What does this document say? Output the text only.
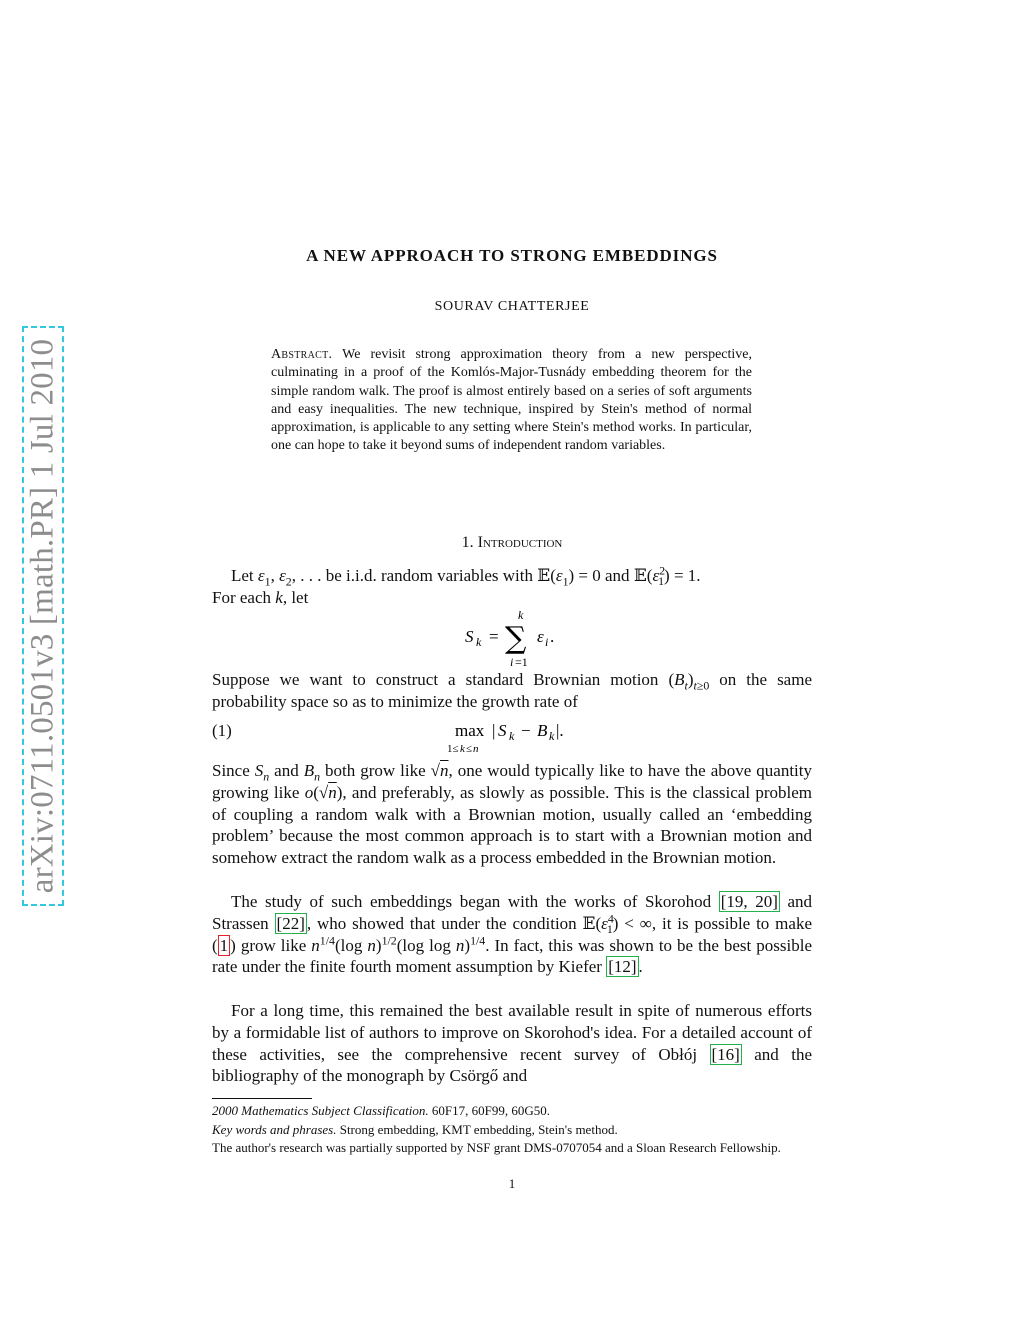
arXiv:0711.0501v3 [math.PR] 1 Jul 2010
A NEW APPROACH TO STRONG EMBEDDINGS
SOURAV CHATTERJEE
Abstract. We revisit strong approximation theory from a new perspective, culminating in a proof of the Komlós-Major-Tusnády embedding theorem for the simple random walk. The proof is almost entirely based on a series of soft arguments and easy inequalities. The new technique, inspired by Stein's method of normal approximation, is applicable to any setting where Stein's method works. In particular, one can hope to take it beyond sums of independent random variables.
1. Introduction
Let $\varepsilon_1$, $\varepsilon_2$, . . . be i.i.d. random variables with $𝔼(\varepsilon_1) = 0$ and $𝔼(\varepsilon^2_1) = 1$.
For each k, let
S k = ∑
k
i =1
ε i .
Suppose we want to construct a standard Brownian motion $(B_t)_{t\ge 0}$ on the same probability space so as to minimize the growth rate of
(1)	max
1≤ k ≤ n
| S k − B k |.
Since $S_n$ and $B_n$ both grow like √n, one would typically like to have the above quantity growing like o(√n), and preferably, as slowly as possible. This is the classical problem of coupling a random walk with a Brownian motion, usually called an ‘embedding problem’ because the most common approach is to start with a Brownian motion and somehow extract the random walk as a process embedded in the Brownian motion.
The study of such embeddings began with the works of Skorohod [19, 20] and Strassen [22] , who showed that under the condition $𝔼(\varepsilon^4_1)$ < ∞, it is possible to make ( 1 ) grow like $n^{1/4}(\log$ n)$^{1/2}$(log log n)$^{1/4}$. In fact, this was shown to be the best possible rate under the finite fourth moment assumption by Kiefer [12] .
For a long time, this remained the best available result in spite of numerous efforts by a formidable list of authors to improve on Skorohod's idea. For a detailed account of these activities, see the comprehensive recent survey of Obłój [16] and the bibliography of the monograph by Csörgő and
2000 Mathematics Subject Classification. 60F17, 60F99, 60G50.
Key words and phrases. Strong embedding, KMT embedding, Stein's method.
The author's research was partially supported by NSF grant DMS-0707054 and a Sloan Research Fellowship.
1
